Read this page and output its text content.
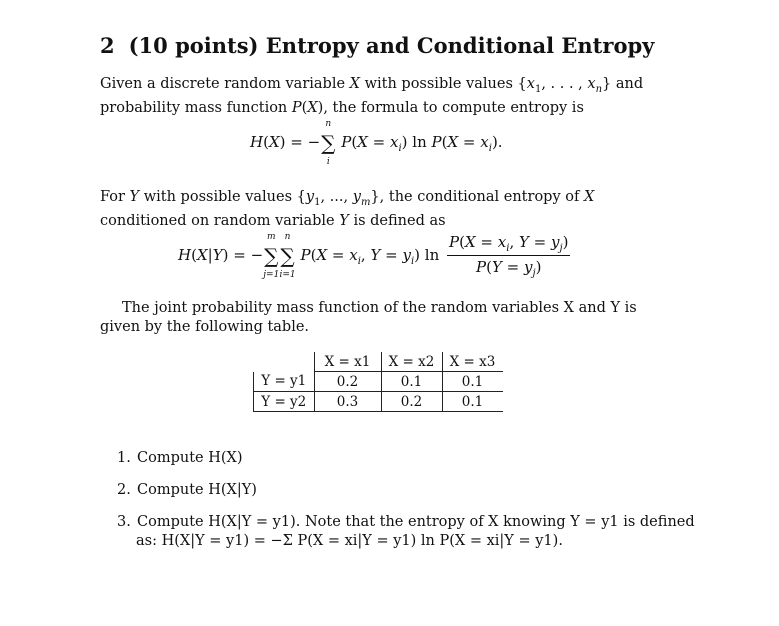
2 (10 points) Entropy and Conditional Entropy
Given a discrete random variable X with possible values {$x_1$, . . . , $x_n$} and probability mass function P(X), the formula to compute entropy is
H(X) = −∑
n
i
$P(X = x_i)$ $\ln P(X = x_i)$.
For Y with possible values {$y_1$, ..., $y_m$}, the conditional entropy of X conditioned on random variable Y is defined as
H(X|Y) = −∑
m
j=1
∑
n
i=1
$P(X = x_i$, $Y = y_i$) $\ln \frac{P(X = x_i, Y = y_j)}{P(Y = y_j)}$
The joint probability mass function of the random variables X and Y is given by the following table.
	X = x1	X = x2	X = x3
Y = y1	0.2	0.1	0.1
Y = y2	0.3	0.2	0.1
1. Compute H(X)
2. Compute H(X|Y)
3. Compute H(X|Y = y1). Note that the entropy of X knowing Y = y1 is defined
as: H(X|Y = y1) = −Σ P(X = xi|Y = y1) ln P(X = xi|Y = y1).
